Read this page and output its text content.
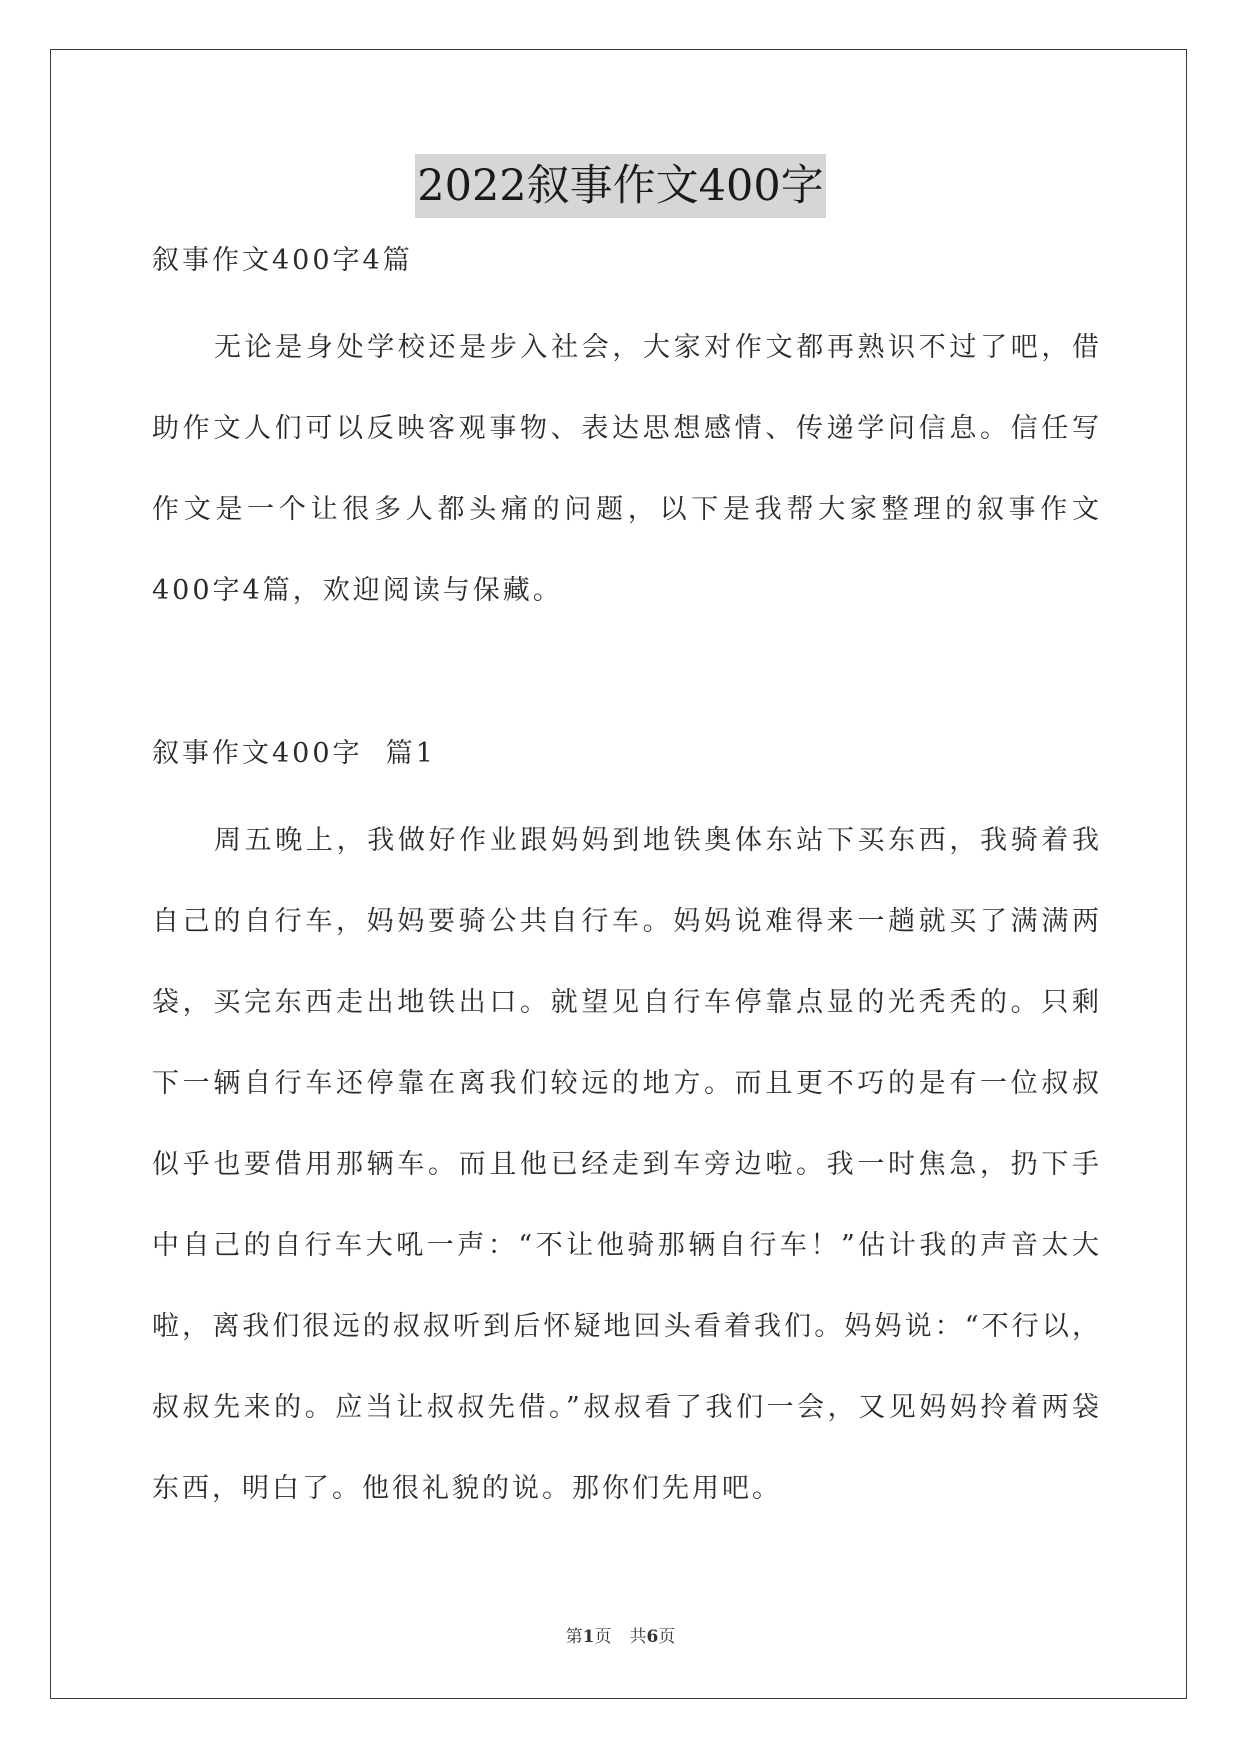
2022叙事作文400字

叙事作文400字4篇

无论是身处学校还是步入社会，大家对作文都再熟识不过了吧，借助作文人们可以反映客观事物、表达思想感情、传递学问信息。信任写作文是一个让很多人都头痛的问题，以下是我帮大家整理的叙事作文400字4篇，欢迎阅读与保藏。

叙事作文400字  篇1

周五晚上，我做好作业跟妈妈到地铁奥体东站下买东西，我骑着我自己的自行车，妈妈要骑公共自行车。妈妈说难得来一趟就买了满满两袋，买完东西走出地铁出口。就望见自行车停靠点显的光秃秃的。只剩下一辆自行车还停靠在离我们较远的地方。而且更不巧的是有一位叔叔似乎也要借用那辆车。而且他已经走到车旁边啦。我一时焦急，扔下手中自己的自行车大吼一声：“不让他骑那辆自行车！”估计我的声音太大啦，离我们很远的叔叔听到后怀疑地回头看着我们。妈妈说：“不行以，叔叔先来的。应当让叔叔先借。”叔叔看了我们一会，又见妈妈拎着两袋东西，明白了。他很礼貌的说。那你们先用吧。

第1页 共6页
